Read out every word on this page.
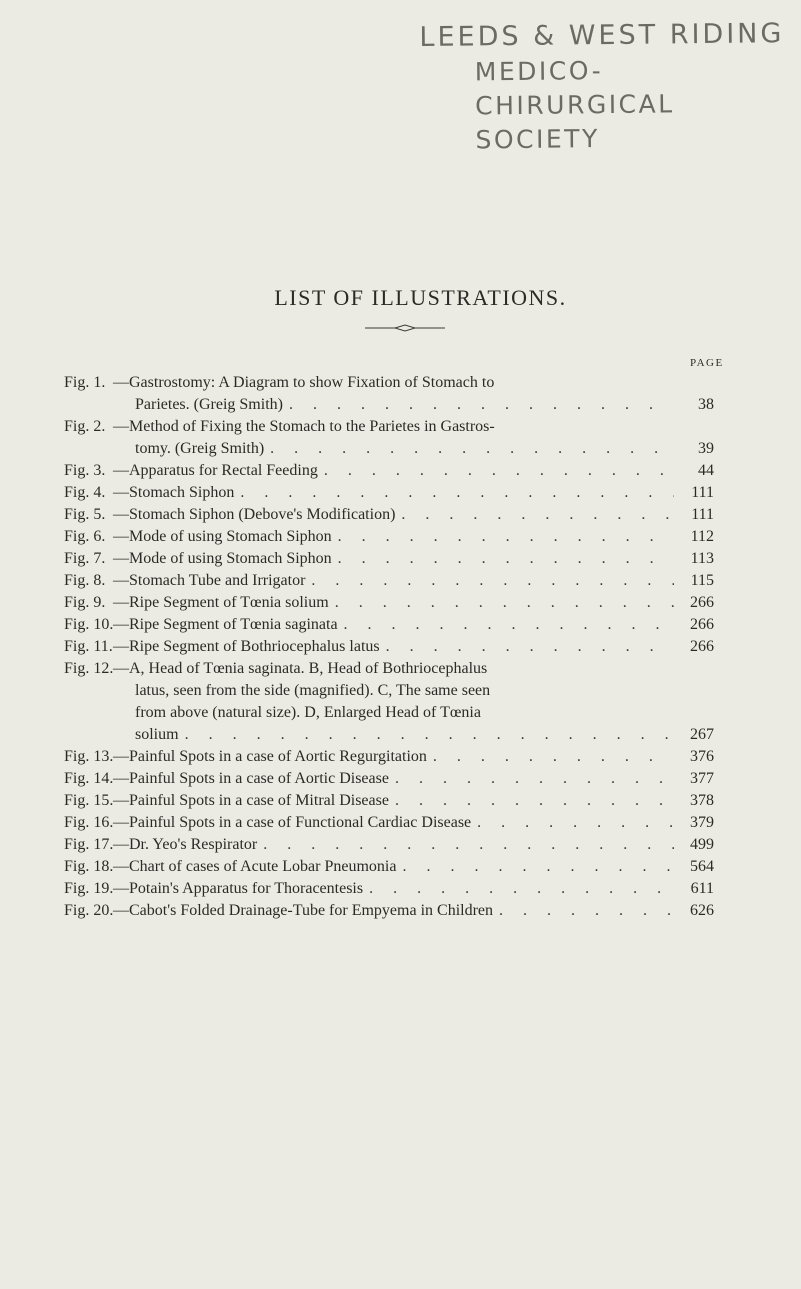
LEEDS & WEST RIDING
MEDICO-CHIRURGICAL SOCIETY
LIST OF ILLUSTRATIONS.
PAGE
Fig. 1. —Gastrostomy: A Diagram to show Fixation of Stomach to
Parietes. (Greig Smith) . . .	38
Fig. 2. —Method of Fixing the Stomach to the Parietes in Gastros-
tomy. (Greig Smith) . . .	39
Fig. 3. —Apparatus for Rectal Feeding . . .	44
Fig. 4. —Stomach Siphon . . .	111
Fig. 5. —Stomach Siphon (Debove's Modification) . . .	111
Fig. 6. —Mode of using Stomach Siphon . . .	112
Fig. 7. —Mode of using Stomach Siphon . . .	113
Fig. 8. —Stomach Tube and Irrigator . . .	115
Fig. 9. —Ripe Segment of Tœnia solium . . .	266
Fig. 10. —Ripe Segment of Tœnia saginata . . .	266
Fig. 11. —Ripe Segment of Bothriocephalus latus . . .	266
Fig. 12. —A, Head of Tœnia saginata. B, Head of Bothriocephalus
latus, seen from the side (magnified). C, The same seen
from above (natural size). D, Enlarged Head of Tœnia
solium . . .	267
Fig. 13. —Painful Spots in a case of Aortic Regurgitation . . .	376
Fig. 14. —Painful Spots in a case of Aortic Disease . . .	377
Fig. 15. —Painful Spots in a case of Mitral Disease . . .	378
Fig. 16. —Painful Spots in a case of Functional Cardiac Disease . . .	379
Fig. 17. —Dr. Yeo's Respirator . . .	499
Fig. 18. —Chart of cases of Acute Lobar Pneumonia . . .	564
Fig. 19. —Potain's Apparatus for Thoracentesis . . .	611
Fig. 20. —Cabot's Folded Drainage-Tube for Empyema in Children . . .	626
